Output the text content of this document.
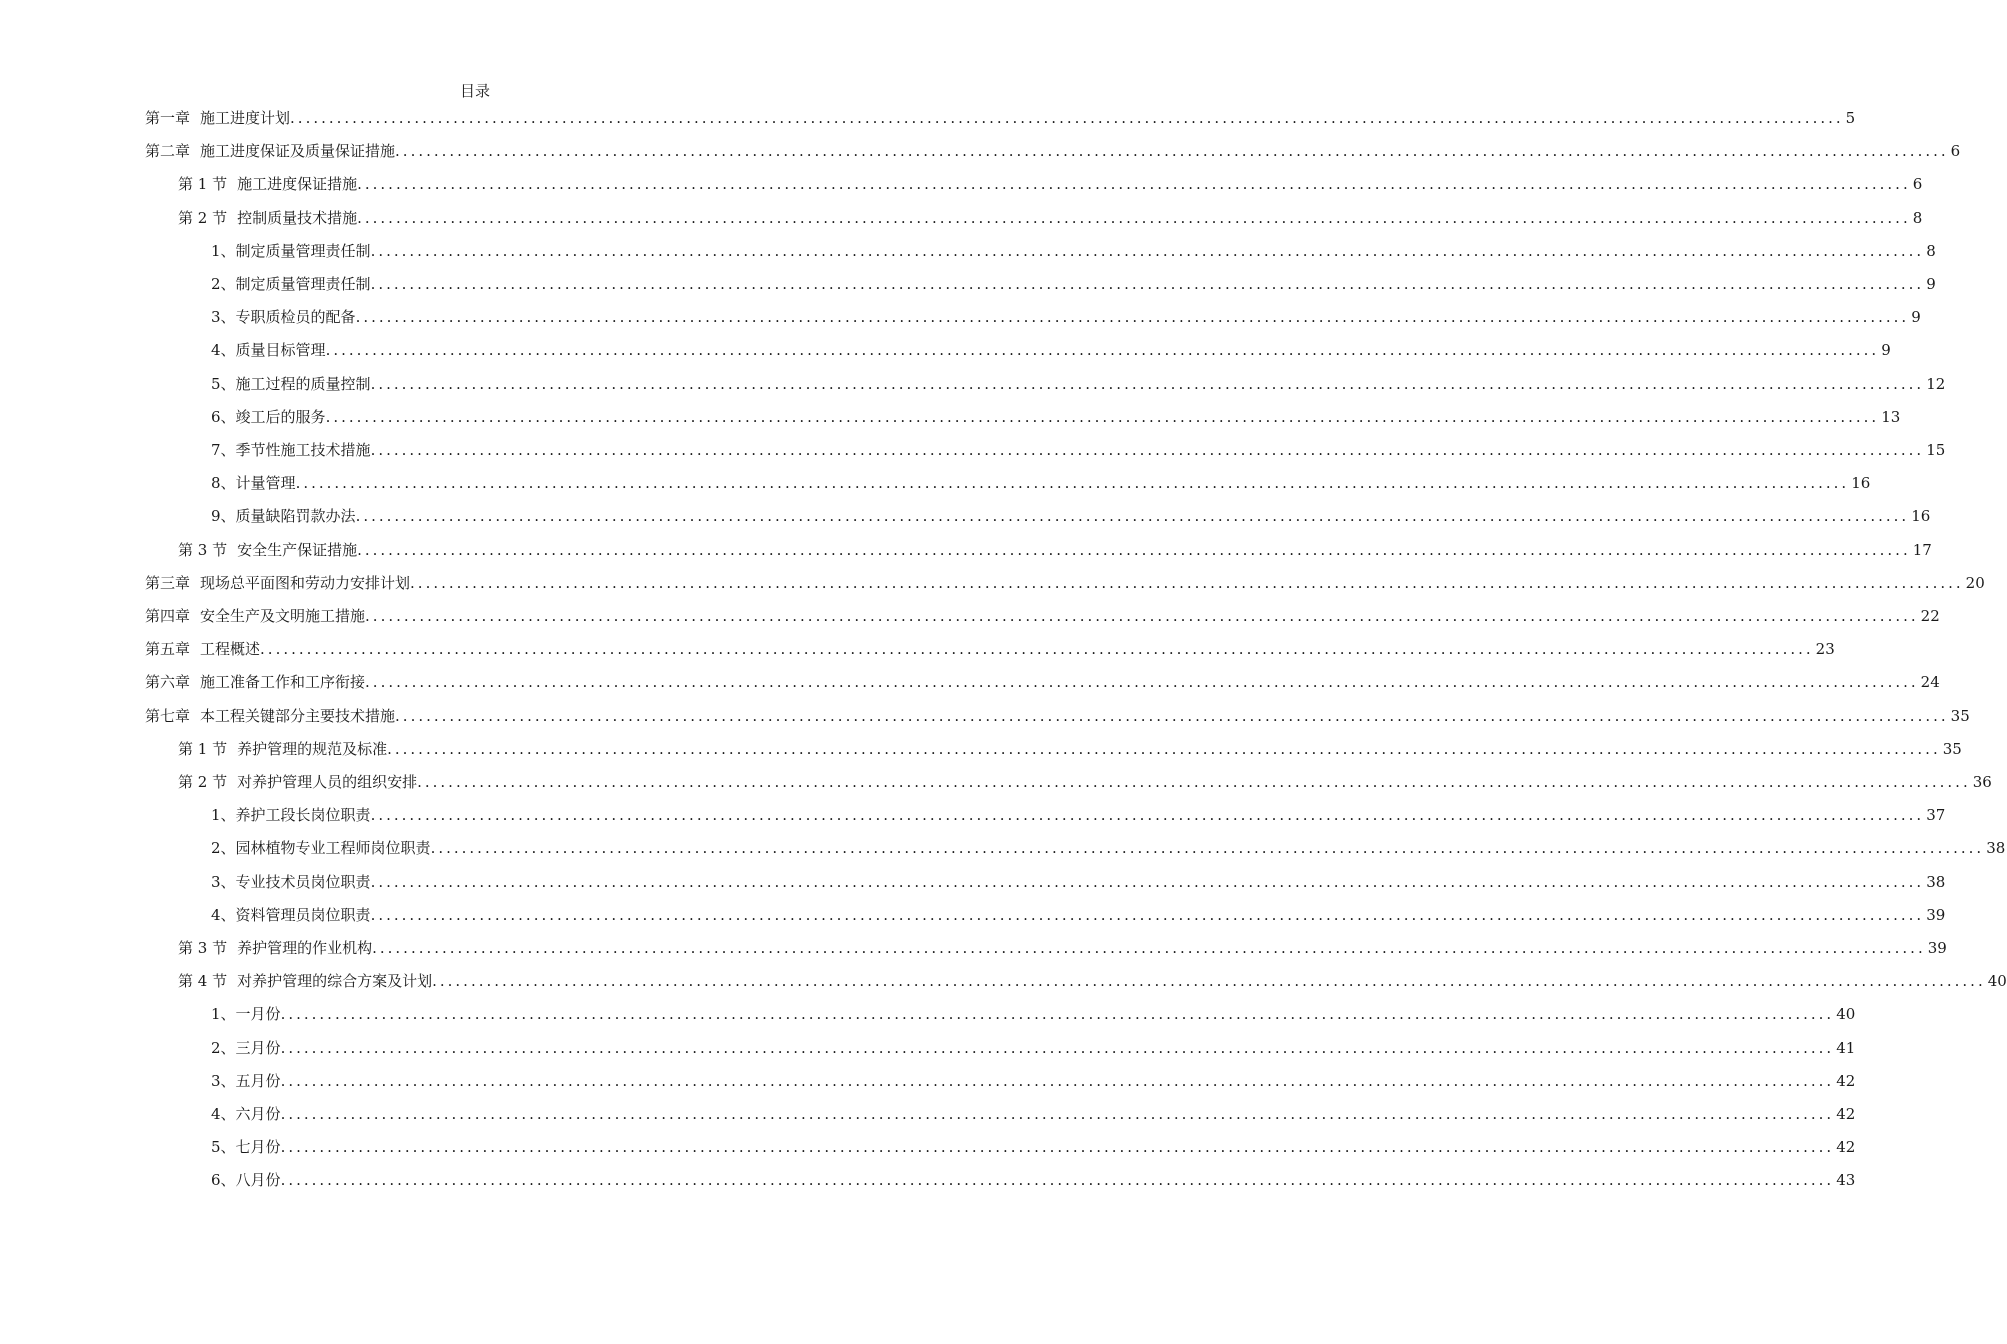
目录
第一章 施工进度计划 ........................................................................................................................................................................................................ 5
第二章 施工进度保证及质量保证措施 ........................................................................................................................................................................................................ 6
第 1 节 施工进度保证措施 ........................................................................................................................................................................................................ 6
第 2 节 控制质量技术措施 ........................................................................................................................................................................................................ 8
1、 制定质量管理责任制 ........................................................................................................................................................................................................ 8
2、 制定质量管理责任制 ........................................................................................................................................................................................................ 9
3、 专职质检员的配备 ........................................................................................................................................................................................................ 9
4、 质量目标管理 ........................................................................................................................................................................................................ 9
5、 施工过程的质量控制 ........................................................................................................................................................................................................ 12
6、 竣工后的服务 ........................................................................................................................................................................................................ 13
7、 季节性施工技术措施 ........................................................................................................................................................................................................ 15
8、 计量管理 ........................................................................................................................................................................................................ 16
9、 质量缺陷罚款办法 ........................................................................................................................................................................................................ 16
第 3 节 安全生产保证措施 ........................................................................................................................................................................................................ 17
第三章 现场总平面图和劳动力安排计划 ........................................................................................................................................................................................................ 20
第四章 安全生产及文明施工措施 ........................................................................................................................................................................................................ 22
第五章 工程概述 ........................................................................................................................................................................................................ 23
第六章 施工准备工作和工序衔接 ........................................................................................................................................................................................................ 24
第七章 本工程关键部分主要技术措施 ........................................................................................................................................................................................................ 35
第 1 节 养护管理的规范及标准 ........................................................................................................................................................................................................ 35
第 2 节 对养护管理人员的组织安排 ........................................................................................................................................................................................................ 36
1、 养护工段长岗位职责 ........................................................................................................................................................................................................ 37
2、 园林植物专业工程师岗位职责 ........................................................................................................................................................................................................ 38
3、 专业技术员岗位职责 ........................................................................................................................................................................................................ 38
4、 资料管理员岗位职责 ........................................................................................................................................................................................................ 39
第 3 节 养护管理的作业机构 ........................................................................................................................................................................................................ 39
第 4 节 对养护管理的综合方案及计划 ........................................................................................................................................................................................................ 40
1、 一月份 ........................................................................................................................................................................................................ 40
2、 三月份 ........................................................................................................................................................................................................ 41
3、 五月份 ........................................................................................................................................................................................................ 42
4、 六月份 ........................................................................................................................................................................................................ 42
5、 七月份 ........................................................................................................................................................................................................ 42
6、 八月份 ........................................................................................................................................................................................................ 43
